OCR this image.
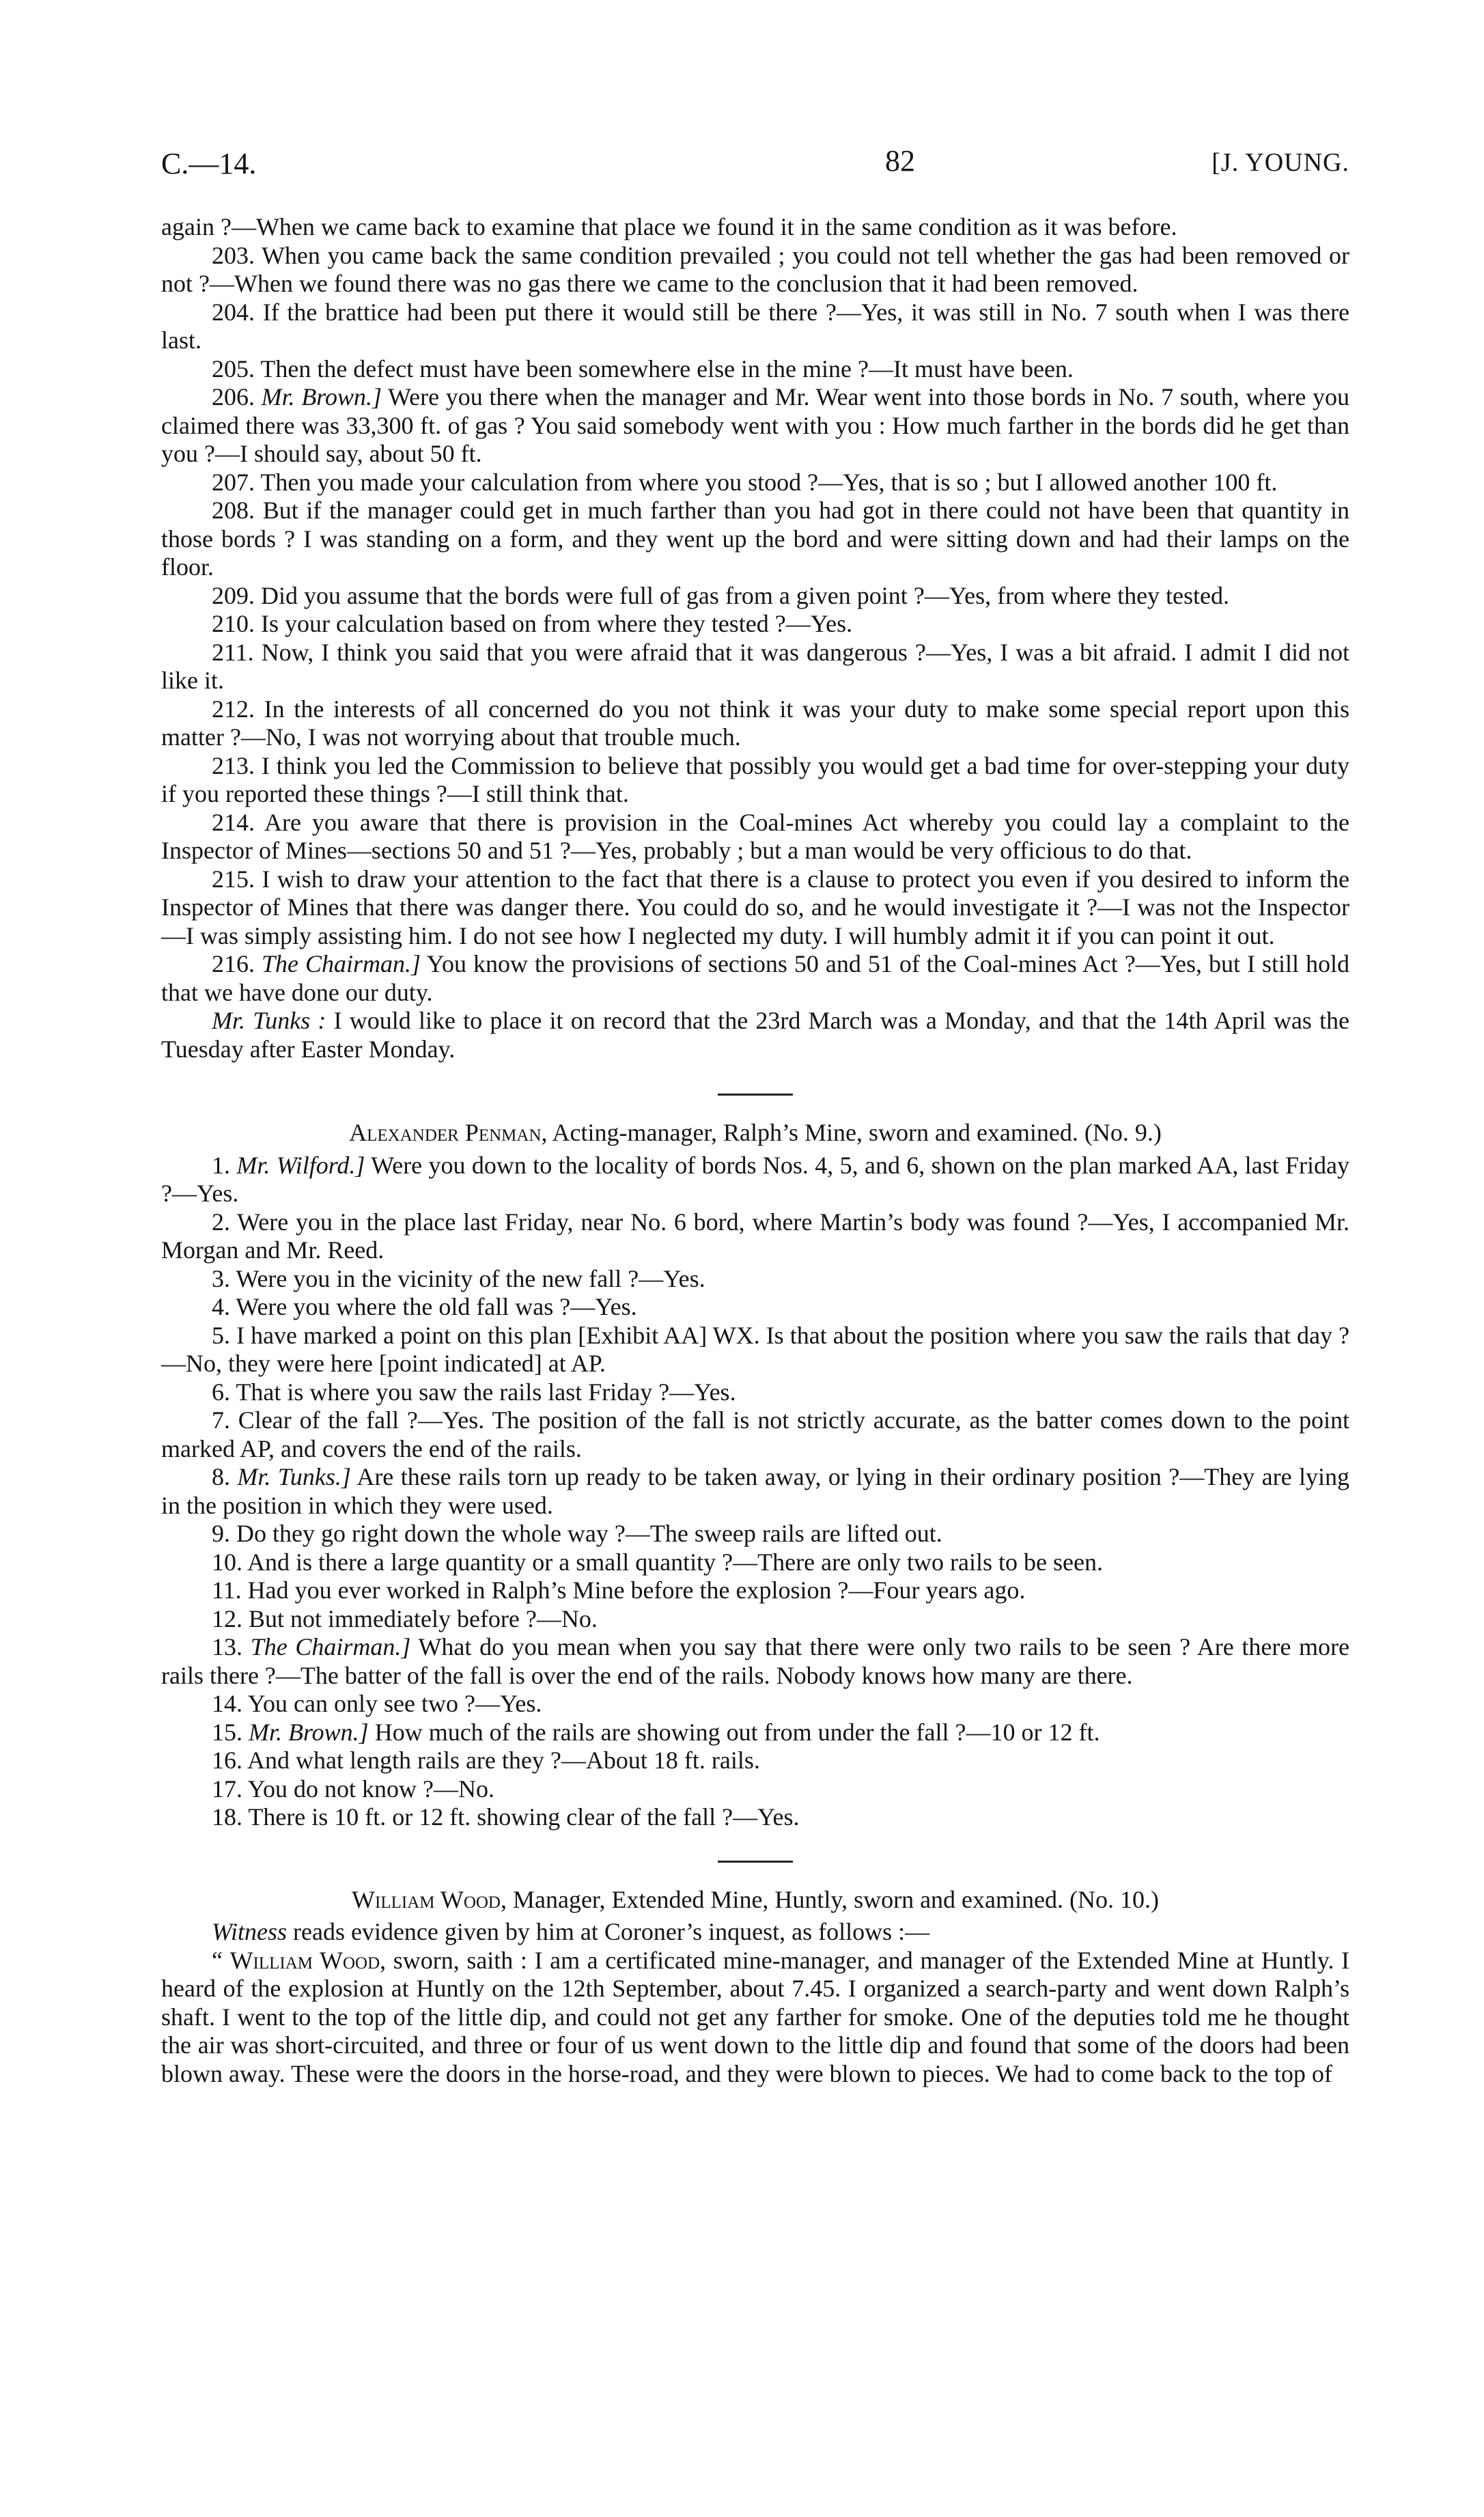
C.—14.	82	[J. YOUNG.

again ?—When we came back to examine that place we found it in the same condition as it was before.

203. When you came back the same condition prevailed ; you could not tell whether the gas had been removed or not ?—When we found there was no gas there we came to the conclusion that it had been removed.

204. If the brattice had been put there it would still be there ?—Yes, it was still in No. 7 south when I was there last.

205. Then the defect must have been somewhere else in the mine ?—It must have been.

206. Mr. Brown.] Were you there when the manager and Mr. Wear went into those bords in No. 7 south, where you claimed there was 33,300 ft. of gas ? You said somebody went with you : How much farther in the bords did he get than you ?—I should say, about 50 ft.

207. Then you made your calculation from where you stood ?—Yes, that is so ; but I allowed another 100 ft.

208. But if the manager could get in much farther than you had got in there could not have been that quantity in those bords ? I was standing on a form, and they went up the bord and were sitting down and had their lamps on the floor.

209. Did you assume that the bords were full of gas from a given point ?—Yes, from where they tested.

210. Is your calculation based on from where they tested ?—Yes.

211. Now, I think you said that you were afraid that it was dangerous ?—Yes, I was a bit afraid. I admit I did not like it.

212. In the interests of all concerned do you not think it was your duty to make some special report upon this matter ?—No, I was not worrying about that trouble much.

213. I think you led the Commission to believe that possibly you would get a bad time for over-stepping your duty if you reported these things ?—I still think that.

214. Are you aware that there is provision in the Coal-mines Act whereby you could lay a complaint to the Inspector of Mines—sections 50 and 51 ?—Yes, probably ; but a man would be very officious to do that.

215. I wish to draw your attention to the fact that there is a clause to protect you even if you desired to inform the Inspector of Mines that there was danger there. You could do so, and he would investigate it ?—I was not the Inspector—I was simply assisting him. I do not see how I neglected my duty. I will humbly admit it if you can point it out.

216. The Chairman.] You know the provisions of sections 50 and 51 of the Coal-mines Act ?—Yes, but I still hold that we have done our duty.

Mr. Tunks : I would like to place it on record that the 23rd March was a Monday, and that the 14th April was the Tuesday after Easter Monday.

Alexander Penman, Acting-manager, Ralph’s Mine, sworn and examined. (No. 9.)

1. Mr. Wilford.] Were you down to the locality of bords Nos. 4, 5, and 6, shown on the plan marked AA, last Friday ?—Yes.

2. Were you in the place last Friday, near No. 6 bord, where Martin’s body was found ?—Yes, I accompanied Mr. Morgan and Mr. Reed.

3. Were you in the vicinity of the new fall ?—Yes.

4. Were you where the old fall was ?—Yes.

5. I have marked a point on this plan [Exhibit AA] WX. Is that about the position where you saw the rails that day ?—No, they were here [point indicated] at AP.

6. That is where you saw the rails last Friday ?—Yes.

7. Clear of the fall ?—Yes. The position of the fall is not strictly accurate, as the batter comes down to the point marked AP, and covers the end of the rails.

8. Mr. Tunks.] Are these rails torn up ready to be taken away, or lying in their ordinary position ?—They are lying in the position in which they were used.

9. Do they go right down the whole way ?—The sweep rails are lifted out.

10. And is there a large quantity or a small quantity ?—There are only two rails to be seen.

11. Had you ever worked in Ralph’s Mine before the explosion ?—Four years ago.

12. But not immediately before ?—No.

13. The Chairman.] What do you mean when you say that there were only two rails to be seen ? Are there more rails there ?—The batter of the fall is over the end of the rails. Nobody knows how many are there.

14. You can only see two ?—Yes.

15. Mr. Brown.] How much of the rails are showing out from under the fall ?—10 or 12 ft.

16. And what length rails are they ?—About 18 ft. rails.

17. You do not know ?—No.

18. There is 10 ft. or 12 ft. showing clear of the fall ?—Yes.

William Wood, Manager, Extended Mine, Huntly, sworn and examined. (No. 10.)

Witness reads evidence given by him at Coroner’s inquest, as follows :—

“ William Wood, sworn, saith : I am a certificated mine-manager, and manager of the Extended Mine at Huntly. I heard of the explosion at Huntly on the 12th September, about 7.45. I organized a search-party and went down Ralph’s shaft. I went to the top of the little dip, and could not get any farther for smoke. One of the deputies told me he thought the air was short-circuited, and three or four of us went down to the little dip and found that some of the doors had been blown away. These were the doors in the horse-road, and they were blown to pieces. We had to come back to the top of
